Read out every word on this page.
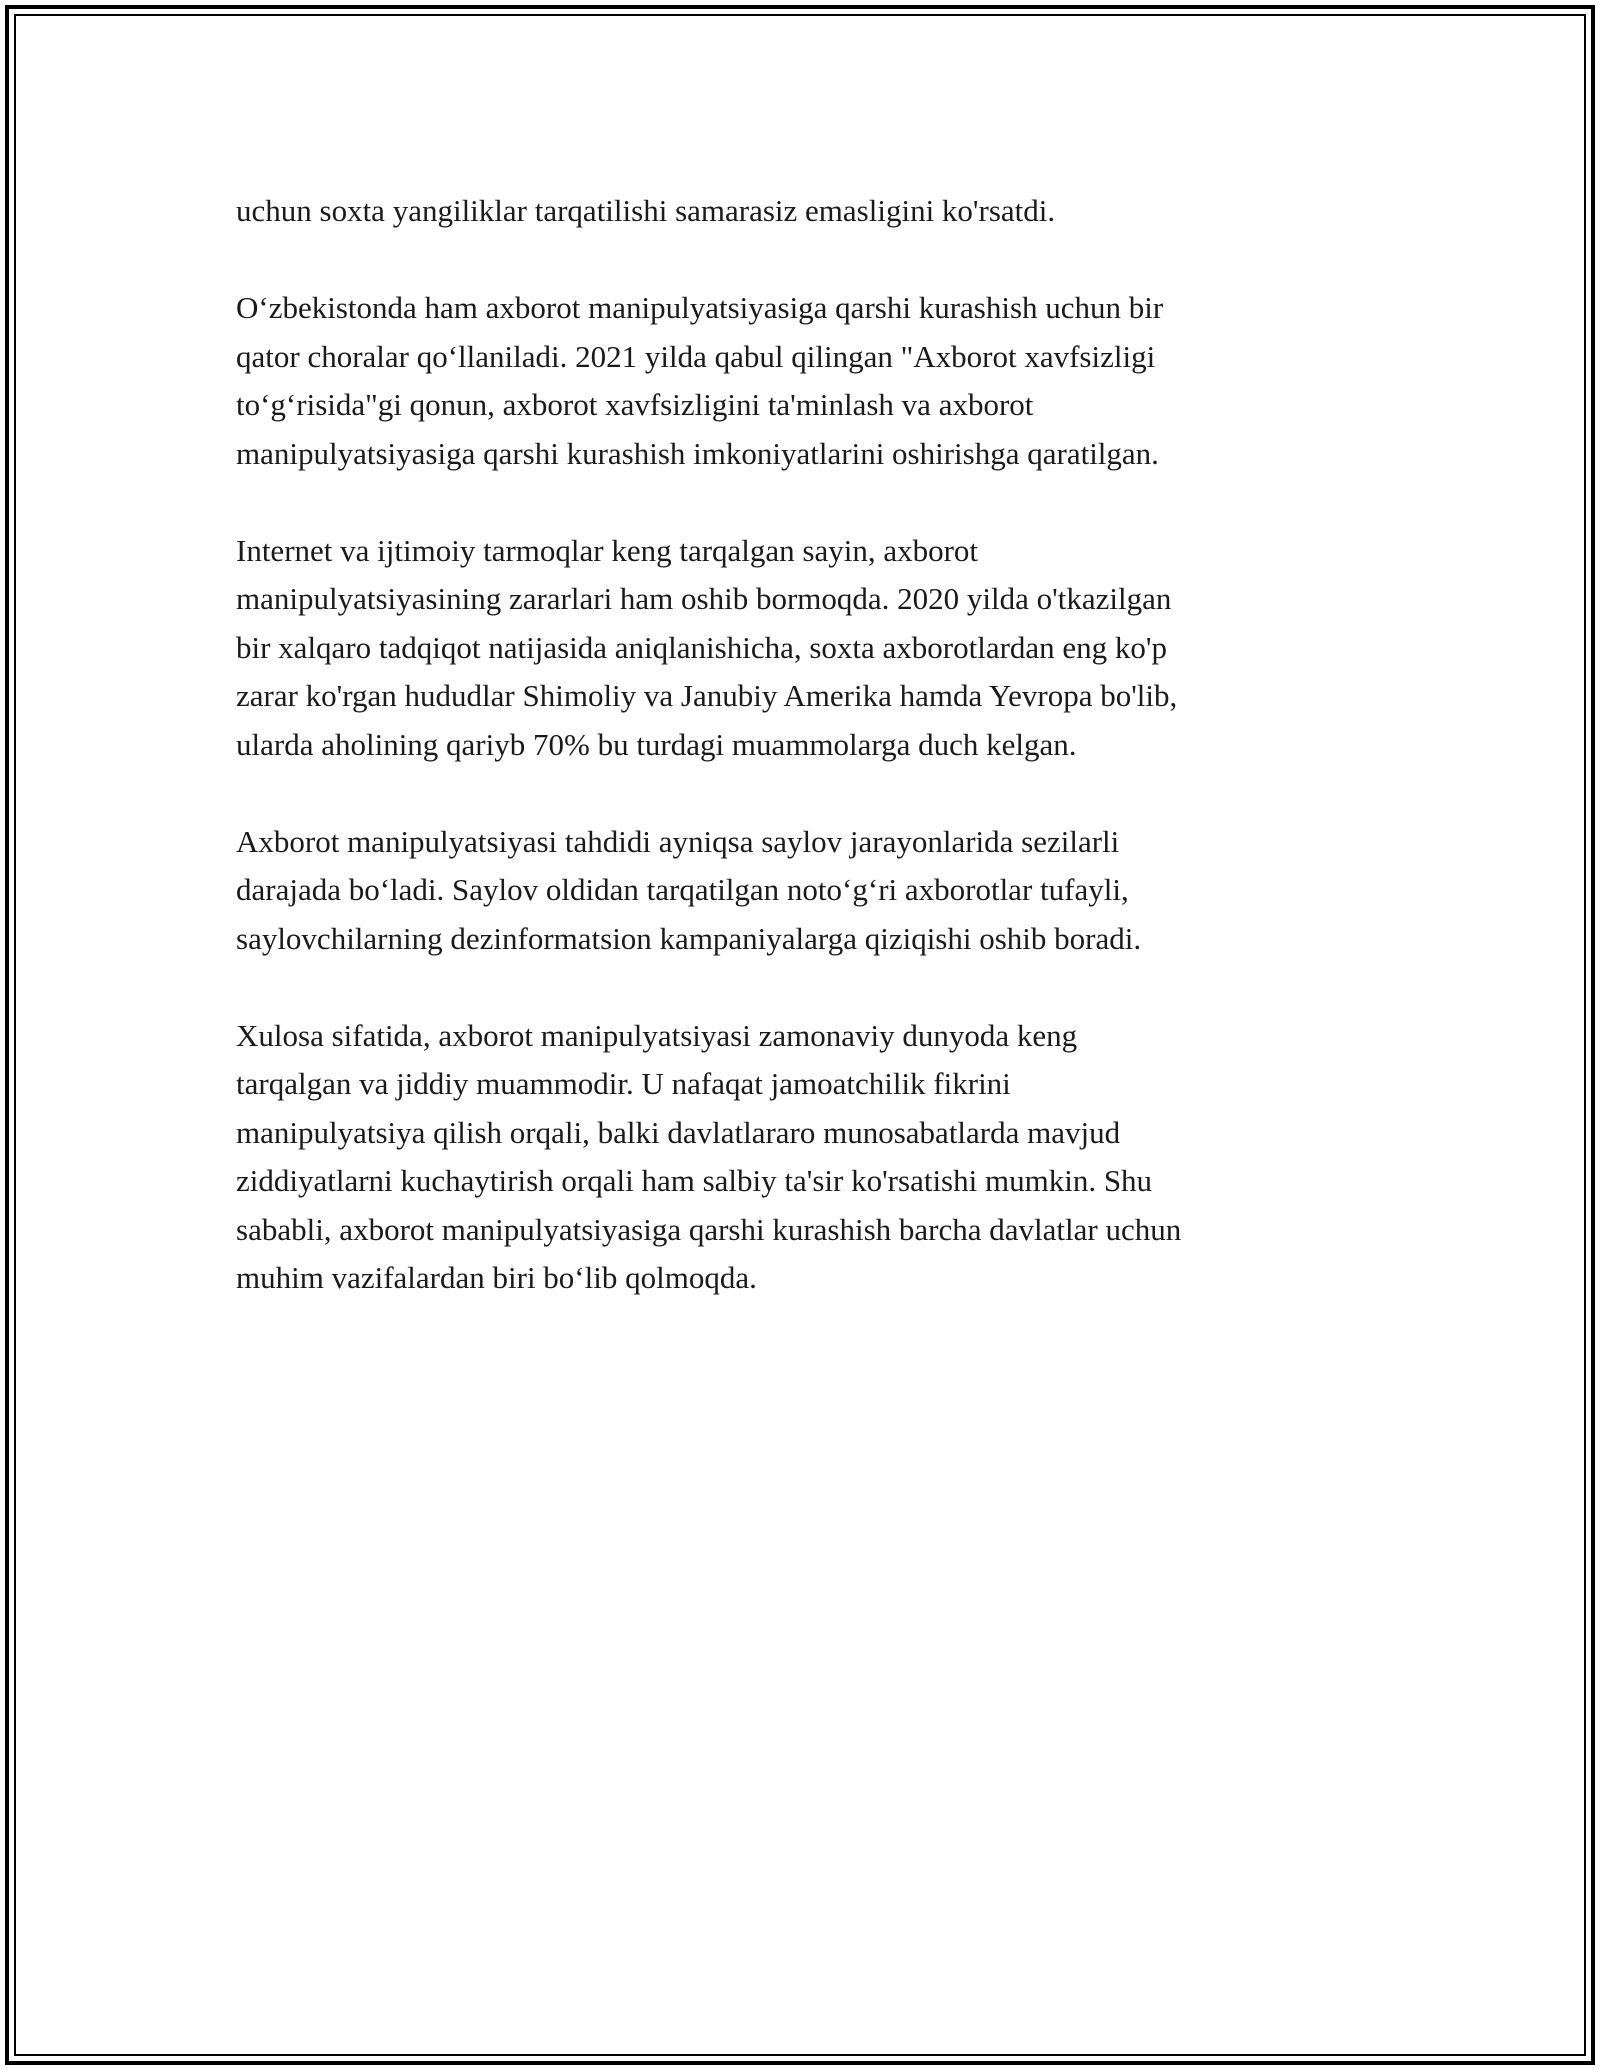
uchun soxta yangiliklar tarqatilishi samarasiz emasligini ko'rsatdi.

O‘zbekistonda ham axborot manipulyatsiyasiga qarshi kurashish uchun bir
qator choralar qo‘llaniladi. 2021 yilda qabul qilingan "Axborot xavfsizligi
to‘g‘risida"gi qonun, axborot xavfsizligini ta'minlash va axborot
manipulyatsiyasiga qarshi kurashish imkoniyatlarini oshirishga qaratilgan.

Internet va ijtimoiy tarmoqlar keng tarqalgan sayin, axborot
manipulyatsiyasining zararlari ham oshib bormoqda. 2020 yilda o'tkazilgan
bir xalqaro tadqiqot natijasida aniqlanishicha, soxta axborotlardan eng ko'p
zarar ko'rgan hududlar Shimoliy va Janubiy Amerika hamda Yevropa bo'lib,
ularda aholining qariyb 70% bu turdagi muammolarga duch kelgan.

Axborot manipulyatsiyasi tahdidi ayniqsa saylov jarayonlarida sezilarli
darajada bo‘ladi. Saylov oldidan tarqatilgan noto‘g‘ri axborotlar tufayli,
saylovchilarning dezinformatsion kampaniyalarga qiziqishi oshib boradi.

Xulosa sifatida, axborot manipulyatsiyasi zamonaviy dunyoda keng
tarqalgan va jiddiy muammodir. U nafaqat jamoatchilik fikrini
manipulyatsiya qilish orqali, balki davlatlararo munosabatlarda mavjud
ziddiyatlarni kuchaytirish orqali ham salbiy ta'sir ko'rsatishi mumkin. Shu
sababli, axborot manipulyatsiyasiga qarshi kurashish barcha davlatlar uchun
muhim vazifalardan biri bo‘lib qolmoqda.
